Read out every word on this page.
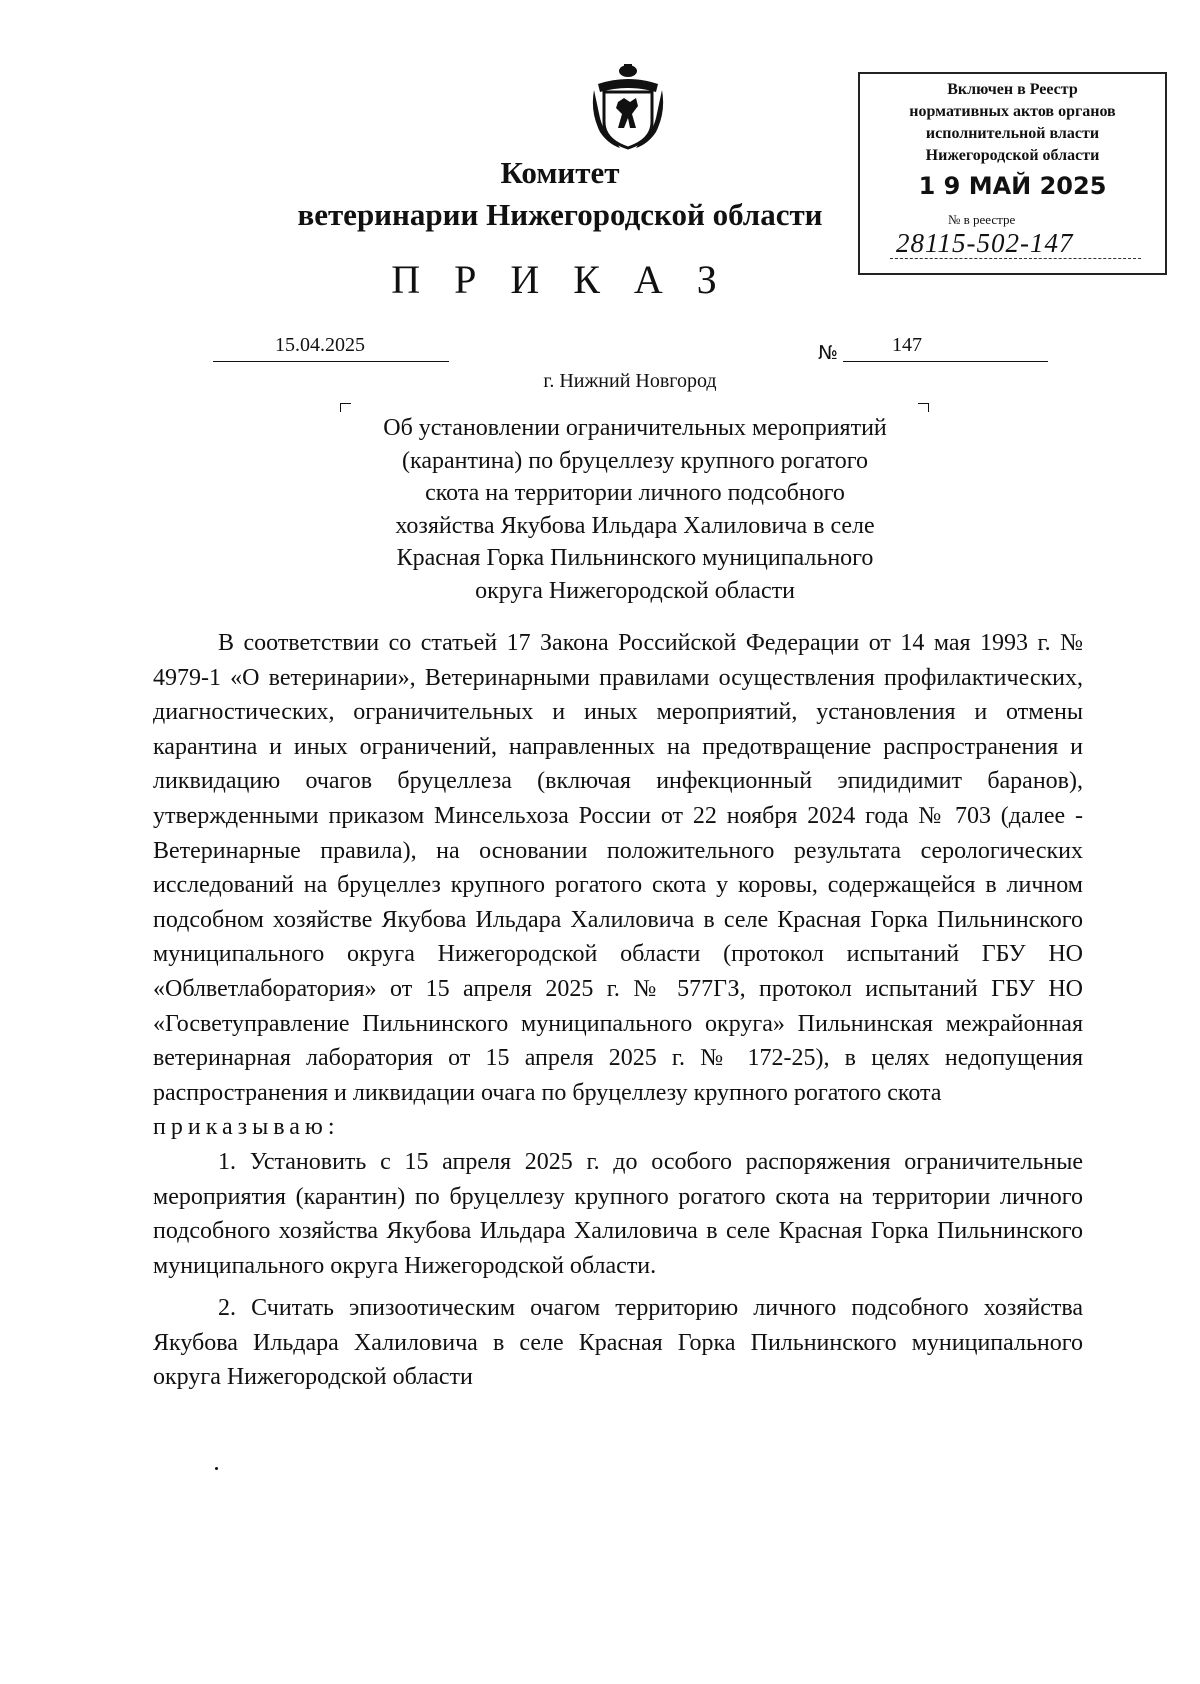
Комитет
ветеринарии Нижегородской области
П Р И К А З
Включен в Реестр
нормативных актов органов
исполнительной власти
Нижегородской области
1 9 МАЙ 2025
№ в реестре
28115-502-147
15.04.2025	№	147
г. Нижний Новгород
Об установлении ограничительных мероприятий
(карантина) по бруцеллезу крупного рогатого
скота на территории личного подсобного
хозяйства Якубова Ильдара Халиловича в селе
Красная Горка Пильнинского муниципального
округа Нижегородской области

В соответствии со статьей 17 Закона Российской Федерации от 14 мая 1993 г. № 4979-1 «О ветеринарии», Ветеринарными правилами осуществления профилактических, диагностических, ограничительных и иных мероприятий, установления и отмены карантина и иных ограничений, направленных на предотвращение распространения и ликвидацию очагов бруцеллеза (включая инфекционный эпидидимит баранов), утвержденными приказом Минсельхоза России от 22 ноября 2024 года № 703 (далее - Ветеринарные правила), на основании положительного результата серологических исследований на бруцеллез крупного рогатого скота у коровы, содержащейся в личном подсобном хозяйстве Якубова Ильдара Халиловича в селе Красная Горка Пильнинского муниципального округа Нижегородской области (протокол испытаний ГБУ НО «Облветлаборатория» от 15 апреля 2025 г. № 577ГЗ, протокол испытаний ГБУ НО «Госветуправление Пильнинского муниципального округа» Пильнинская межрайонная ветеринарная лаборатория от 15 апреля 2025 г. № 172-25), в целях недопущения распространения и ликвидации очага по бруцеллезу крупного рогатого скота

приказываю:

1. Установить с 15 апреля 2025 г. до особого распоряжения ограничительные мероприятия (карантин) по бруцеллезу крупного рогатого скота на территории личного подсобного хозяйства Якубова Ильдара Халиловича в селе Красная Горка Пильнинского муниципального округа Нижегородской области.

2. Считать эпизоотическим очагом территорию личного подсобного хозяйства Якубова Ильдара Халиловича в селе Красная Горка Пильнинского муниципального округа Нижегородской области
